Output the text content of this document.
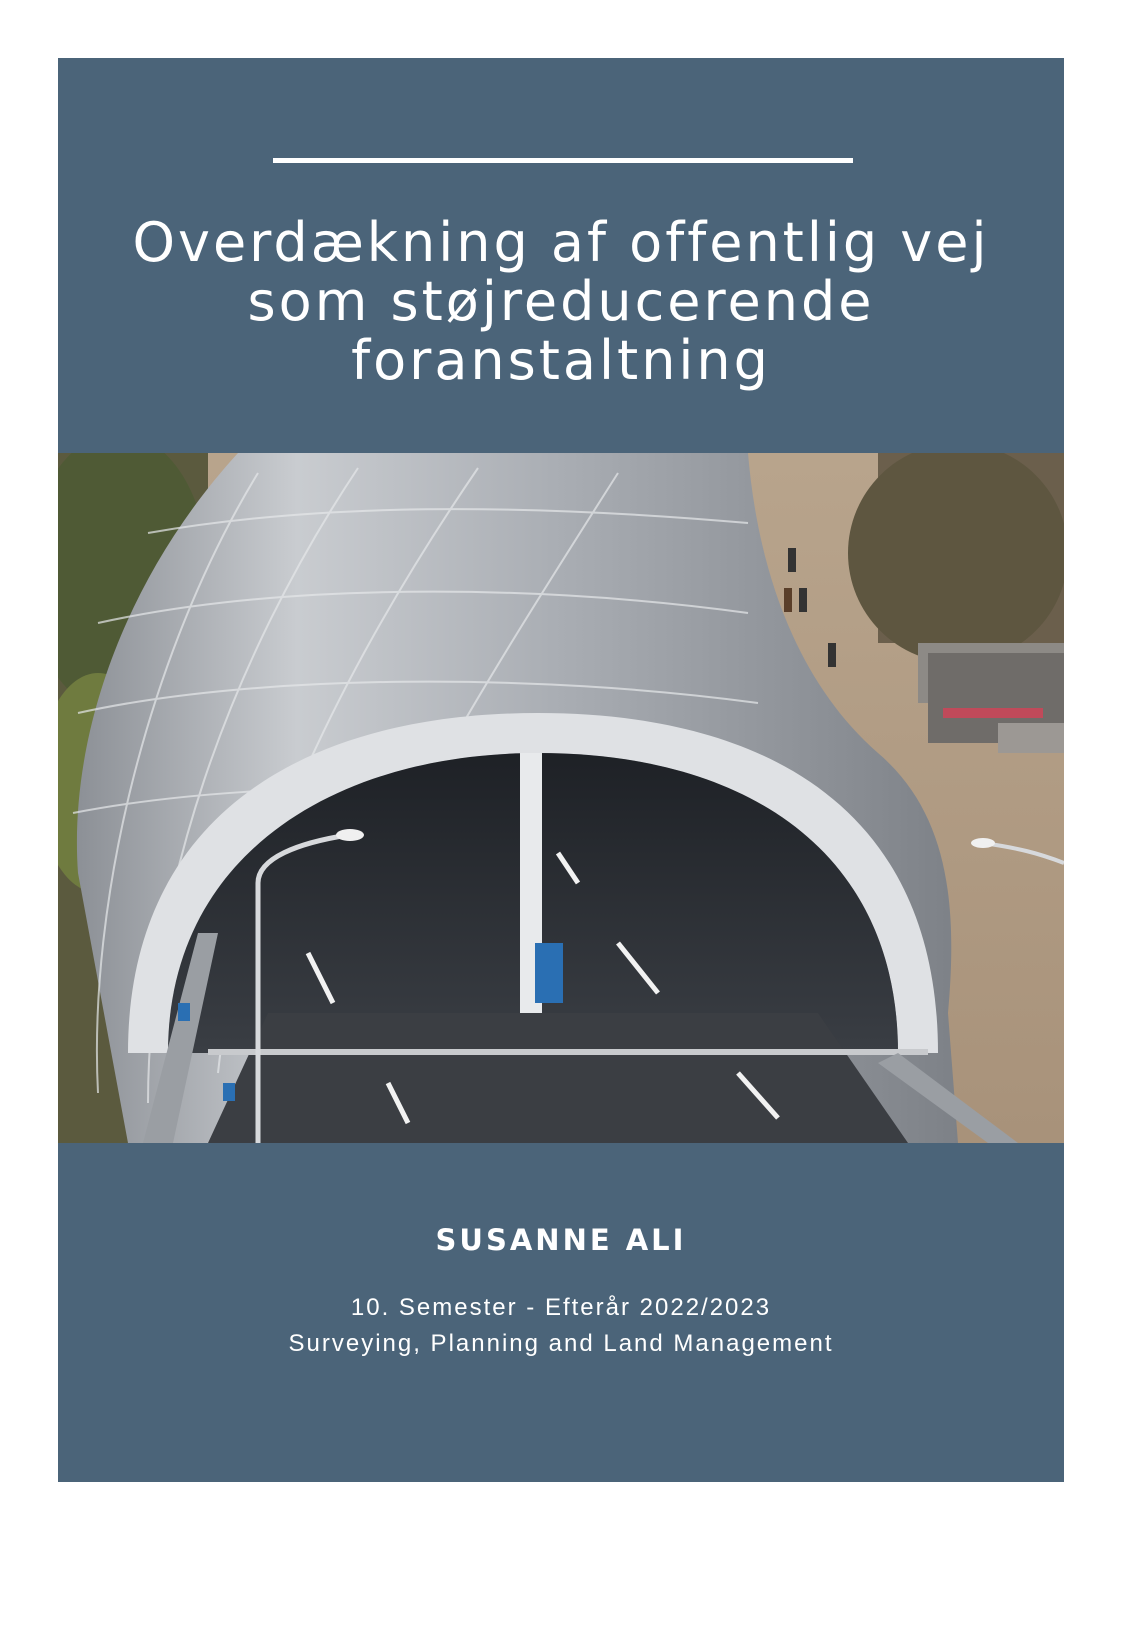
Overdækning af offentlig vej
som støjreducerende
foranstaltning
SUSANNE ALI
10. Semester - Efterår 2022/2023
Surveying, Planning and Land Management
